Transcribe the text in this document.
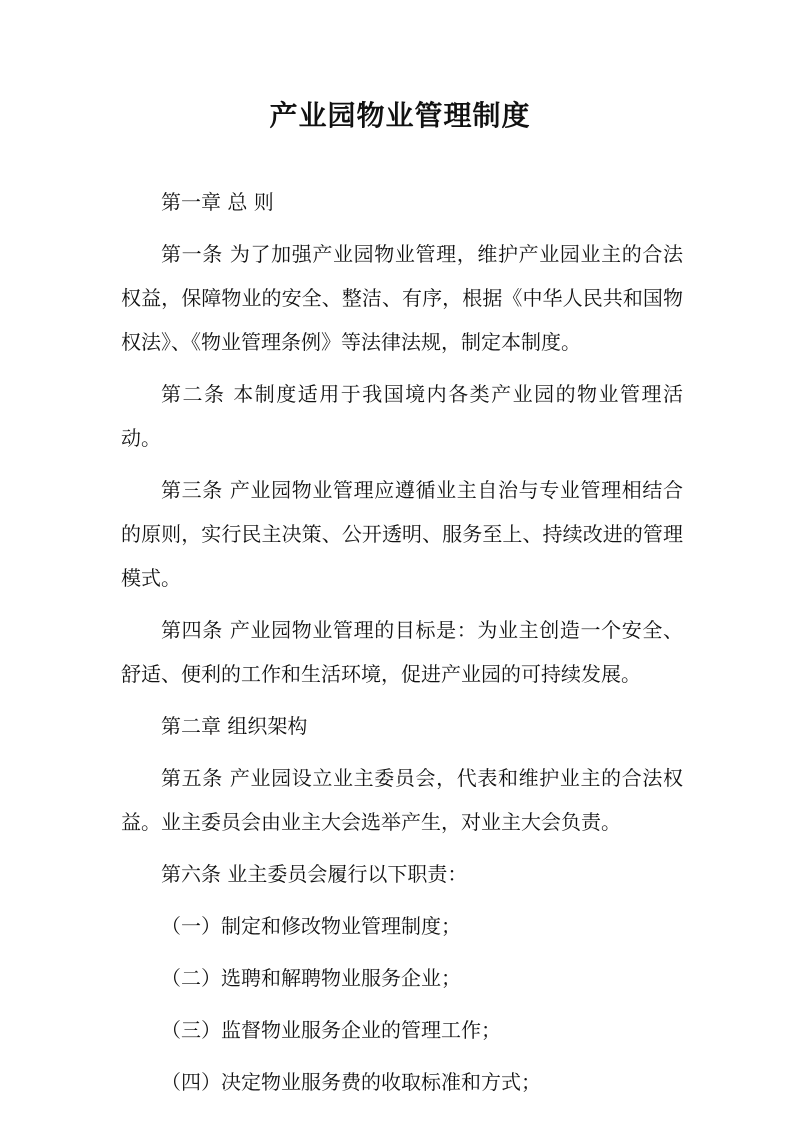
产业园物业管理制度

第一章 总 则

第一条 为了加强产业园物业管理，维护产业园业主的合法权益，保障物业的安全、整洁、有序，根据《中华人民共和国物权法》、《物业管理条例》等法律法规，制定本制度。

第二条 本制度适用于我国境内各类产业园的物业管理活动。

第三条 产业园物业管理应遵循业主自治与专业管理相结合的原则，实行民主决策、公开透明、服务至上、持续改进的管理模式。

第四条 产业园物业管理的目标是：为业主创造一个安全、舒适、便利的工作和生活环境，促进产业园的可持续发展。

第二章 组织架构

第五条 产业园设立业主委员会，代表和维护业主的合法权益。业主委员会由业主大会选举产生，对业主大会负责。

第六条 业主委员会履行以下职责：

（一）制定和修改物业管理制度；

（二）选聘和解聘物业服务企业；

（三）监督物业服务企业的管理工作；

（四）决定物业服务费的收取标准和方式；
